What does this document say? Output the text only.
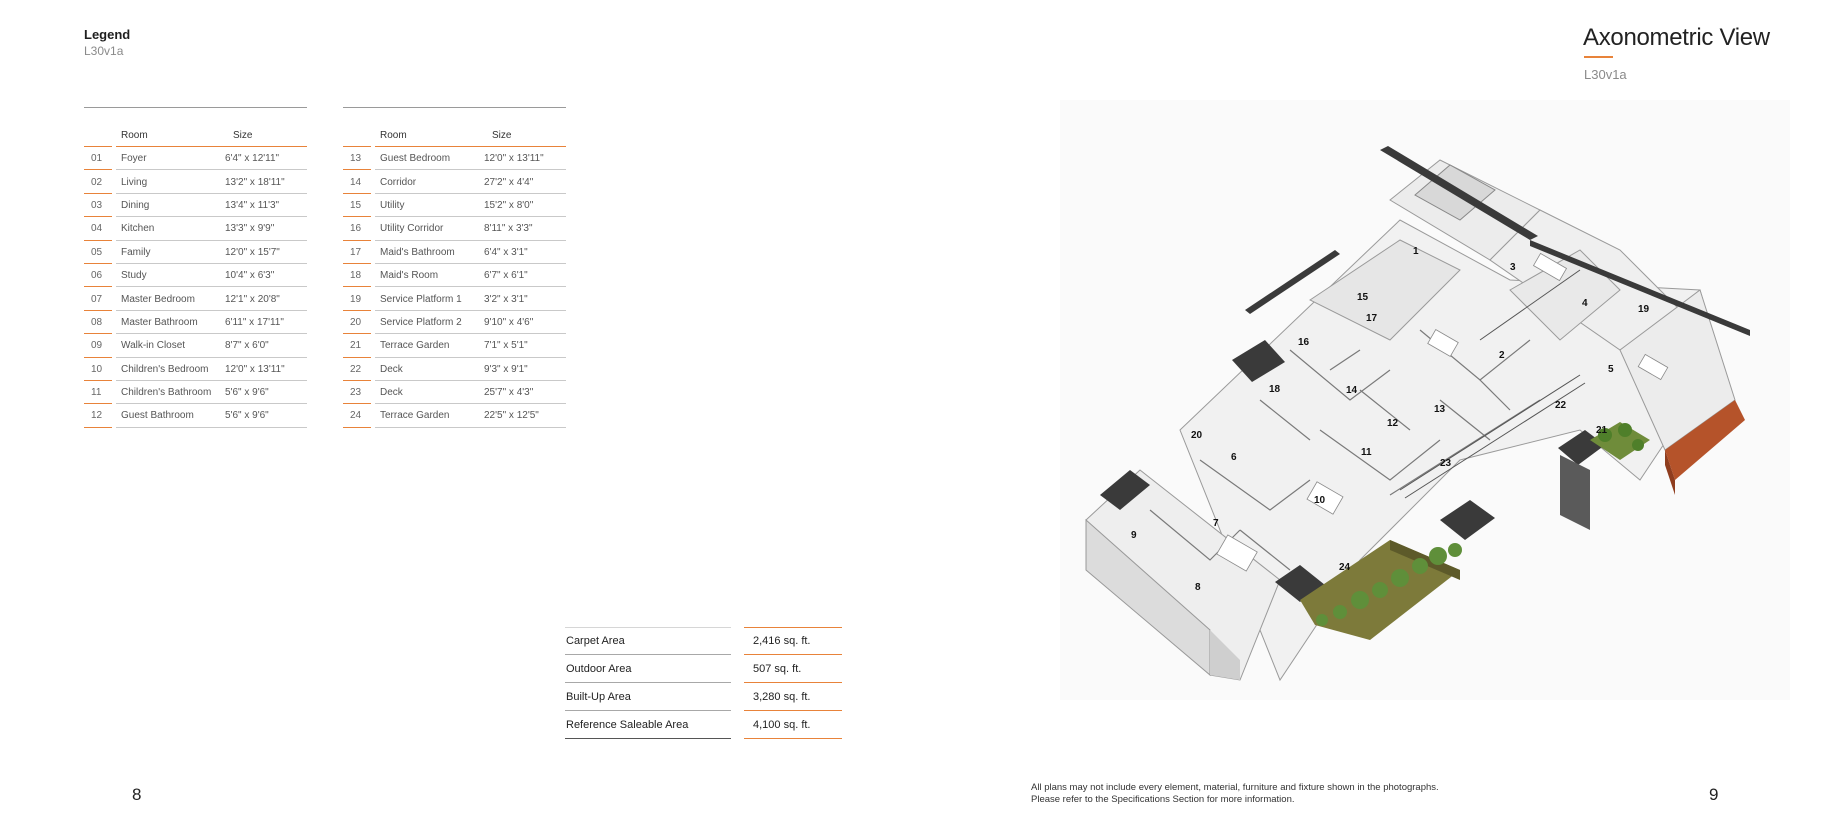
Legend
L30v1a
Room	Size
01	Foyer	6'4" x 12'11"
02	Living	13'2" x 18'11"
03	Dining	13'4" x 11'3"
04	Kitchen	13'3" x 9'9"
05	Family	12'0" x 15'7"
06	Study	10'4" x 6'3"
07	Master Bedroom	12'1" x 20'8"
08	Master Bathroom	6'11" x 17'11"
09	Walk-in Closet	8'7" x 6'0"
10	Children's Bedroom	12'0" x 13'11"
11	Children's Bathroom	5'6" x 9'6"
12	Guest Bathroom	5'6" x 9'6"
Room	Size
13	Guest Bedroom	12'0" x 13'11"
14	Corridor	27'2" x 4'4"
15	Utility	15'2" x 8'0"
16	Utility Corridor	8'11" x 3'3"
17	Maid's Bathroom	6'4" x 3'1"
18	Maid's Room	6'7" x 6'1"
19	Service Platform 1	3'2" x 3'1"
20	Service Platform 2	9'10" x 4'6"
21	Terrace Garden	7'1" x 5'1"
22	Deck	9'3" x 9'1"
23	Deck	25'7" x 4'3"
24	Terrace Garden	22'5" x 12'5"
Carpet Area	2,416 sq. ft.
Outdoor Area	507 sq. ft.
Built-Up Area	3,280 sq. ft.
Reference Saleable Area	4,100 sq. ft.
8	9
All plans may not include every element, material, furniture and fixture shown in the photographs.
Please refer to the Specifications Section for more information.
Axonometric View
L30v1a
1
2
3
4
5
6
7
8
9
10
11
12
13
14
15
16
17
18
19
20	21
22
23
24
